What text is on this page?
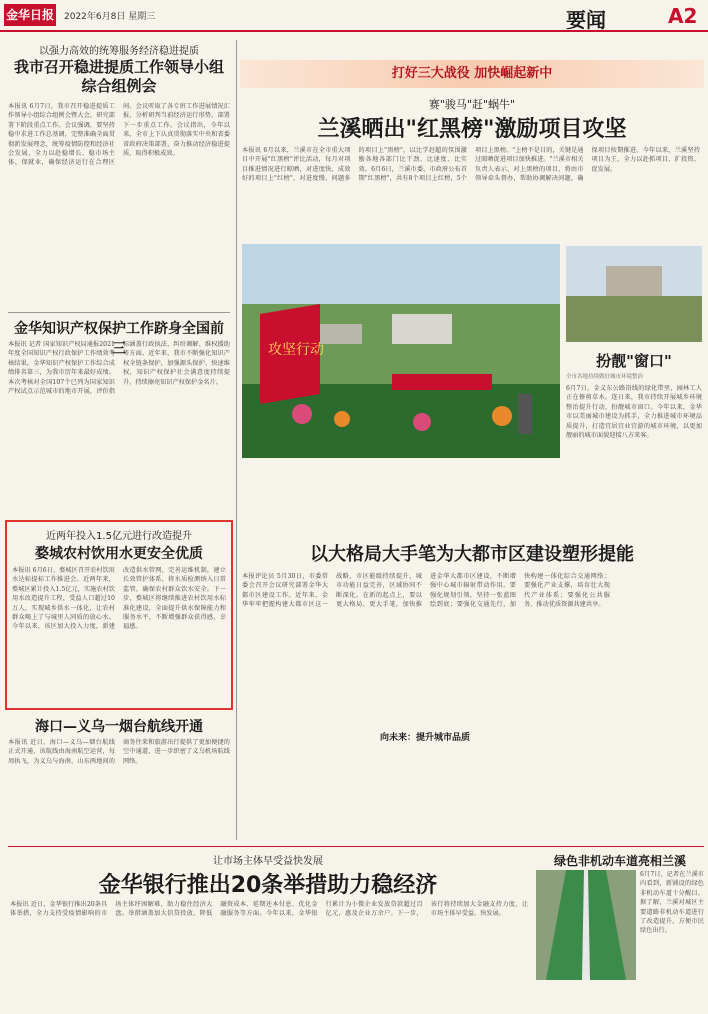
金华日报 2022年6月8日 星期三	要闻	A2
以强力高效的统筹服务经济稳进提质
我市召开稳进提质工作领导小组综合组例会
本报讯 6月7日，我市召开稳进提质工作领导小组综合组例会暨大会，研究部署下阶段重点工作。会议强调，要坚持稳中求进工作总基调，完整准确全面贯彻新发展理念，统筹疫情防控和经济社会发展，全力以赴稳增长、稳市场主体、保就业，确保经济运行在合理区间。会议听取了各专班工作进展情况汇报，分析研判当前经济运行形势，部署下一步重点工作。会议指出，今年以来，全市上下认真贯彻落实中央和省委省政府决策部署，奋力推动经济稳进提质，取得积极成效。
金华知识产权保护工作跻身全国前三
本报讯 记者 国家知识产权局通报2021年度全国知识产权行政保护工作绩效考核结果，金华知识产权保护工作综合成绩排名第三，为我市历年来最好成绩。本次考核对全国107个已列为国家知识产权试点示范城市的地市开展，评价指标涵盖行政执法、纠纷调解、维权援助等方面。近年来，我市不断强化知识产权全链条保护，加强源头保护、快速维权，知识产权保护社会满意度持续提升，持续擦亮知识产权保护金名片。
近两年投入1.5亿元进行改造提升
婺城农村饮用水更安全优质
本报讯 6月6日，婺城区召开农村饮用水达标提标工作推进会。近两年来，婺城区累计投入1.5亿元，实施农村饮用水改造提升工程，受益人口超过10万人，实现城乡供水一体化，让农村群众喝上了与城里人同质的放心水。今年以来，该区加大投入力度，新建改造供水管网，完善运维机制，建立长效管护体系，将水质检测纳入日常监管，确保农村群众饮水安全。下一步，婺城区将继续推进农村饮用水标准化建设，全面提升供水保障能力和服务水平，不断增强群众获得感、幸福感。
海口—义乌一烟台航线开通
本报讯 近日，海口—义乌—烟台航线正式开通，该航线由海南航空运营，每周执飞，为义乌与海南、山东两地间的商务往来和旅游出行提供了更加便捷的空中通道，进一步织密了义乌机场航线网络。
打好三大战役 加快崛起新中
赛"骏马"赶"蜗牛"
兰溪晒出"红黑榜"激励项目攻坚
本报讯 6月以来，兰溪市在全市重大项目中开展"红黑榜"评比活动，每月对项目推进情况进行晾晒，对进度快、成效好的项目上"红榜"，对进度慢、问题多的项目上"黑榜"，以比学赶超的氛围激励各地各部门比干劲、比速度、比实效。6月6日，兰溪市委、市政府公布首期"红黑榜"，共有8个项目上红榜，5个项目上黑榜。"上榜不是目的，关键是通过晾晒促进项目加快推进。"兰溪市相关负责人表示，对上黑榜的项目，将由市领导牵头督办，帮助协调解决问题，确保项目按期推进。今年以来，兰溪坚持项目为王，全力以赴抓项目、扩投资、促发展。
攻坚行动
扮靓"窗口"
全市各地持续做好城市环境整治
6月7日，金义东公路沿线的绿化带里，园林工人正在修剪草木。连日来，我市持续开展城乡环境整治提升行动，扮靓城市窗口。今年以来，金华市以美丽城市建设为抓手，全力推进城市环境品质提升，打造宜居宜业宜游的城市环境，以更加靓丽的城市面貌迎接八方来客。
以大格局大手笔为大都市区建设塑形提能
本报评论员 5月30日，市委常委会召开会议研究部署金华大都市区建设工作。近年来，金华牢牢把握构建大都市区这一战略，市区能级持续提升，城市功能日益完善，区域协同不断深化。在新的起点上，要以更大格局、更大手笔，加快推进金华大都市区建设，不断增强中心城市辐射带动作用。要强化规划引领，坚持一张蓝图绘到底；要强化交通先行，加快构建一体化综合交通网络；要强化产业支撑，培育壮大现代产业体系；要强化公共服务，推动优质资源共建共享。
向未来：提升城市品质
让市场主体早受益快发展
金华银行推出20条举措助力稳经济
本报讯 近日，金华银行推出20条具体举措，全力支持受疫情影响的市场主体纾困解难，助力稳住经济大盘。举措涵盖加大信贷投放、降低融资成本、延期还本付息、优化金融服务等方面。今年以来，金华银行累计为小微企业发放贷款超过百亿元，惠及企业万余户。下一步，该行将持续加大金融支持力度，让市场主体早受益、快发展。
绿色非机动车道亮相兰溪
6月7日，记者在兰溪市内看到，新铺设的绿色非机动车道十分醒目。据了解，兰溪对城区主要道路非机动车道进行了改造提升，方便市民绿色出行。
